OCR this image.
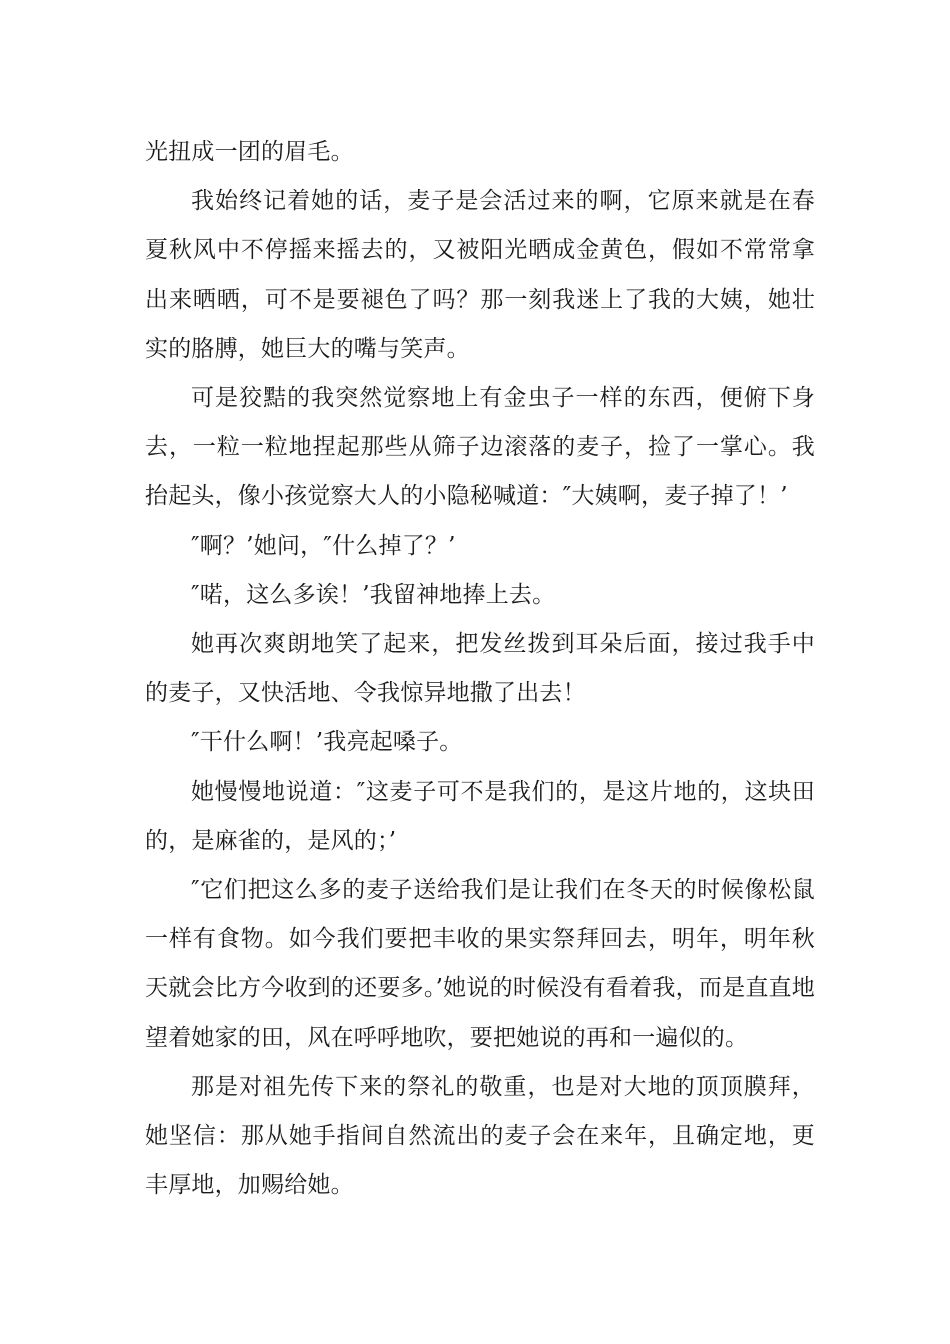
光扭成一团的眉毛。

我始终记着她的话，麦子是会活过来的啊，它原来就是在春夏秋风中不停摇来摇去的，又被阳光晒成金黄色，假如不常常拿出来晒晒，可不是要褪色了吗？那一刻我迷上了我的大姨，她壮实的胳膊，她巨大的嘴与笑声。

可是狡黠的我突然觉察地上有金虫子一样的东西，便俯下身去，一粒一粒地捏起那些从筛子边滚落的麦子，捡了一掌心。我抬起头，像小孩觉察大人的小隐秘喊道：″大姨啊，麦子掉了！’

″啊？’她问，″什么掉了？’

″喏，这么多诶！’我留神地捧上去。

她再次爽朗地笑了起来，把发丝拨到耳朵后面，接过我手中的麦子，又快活地、令我惊异地撒了出去！

″干什么啊！’我亮起嗓子。

她慢慢地说道：″这麦子可不是我们的，是这片地的，这块田的，是麻雀的，是风的；’

″它们把这么多的麦子送给我们是让我们在冬天的时候像松鼠一样有食物。如今我们要把丰收的果实祭拜回去，明年，明年秋天就会比方今收到的还要多。’她说的时候没有看着我，而是直直地望着她家的田，风在呼呼地吹，要把她说的再和一遍似的。

那是对祖先传下来的祭礼的敬重，也是对大地的顶顶膜拜，她坚信：那从她手指间自然流出的麦子会在来年，且确定地，更丰厚地，加赐给她。
